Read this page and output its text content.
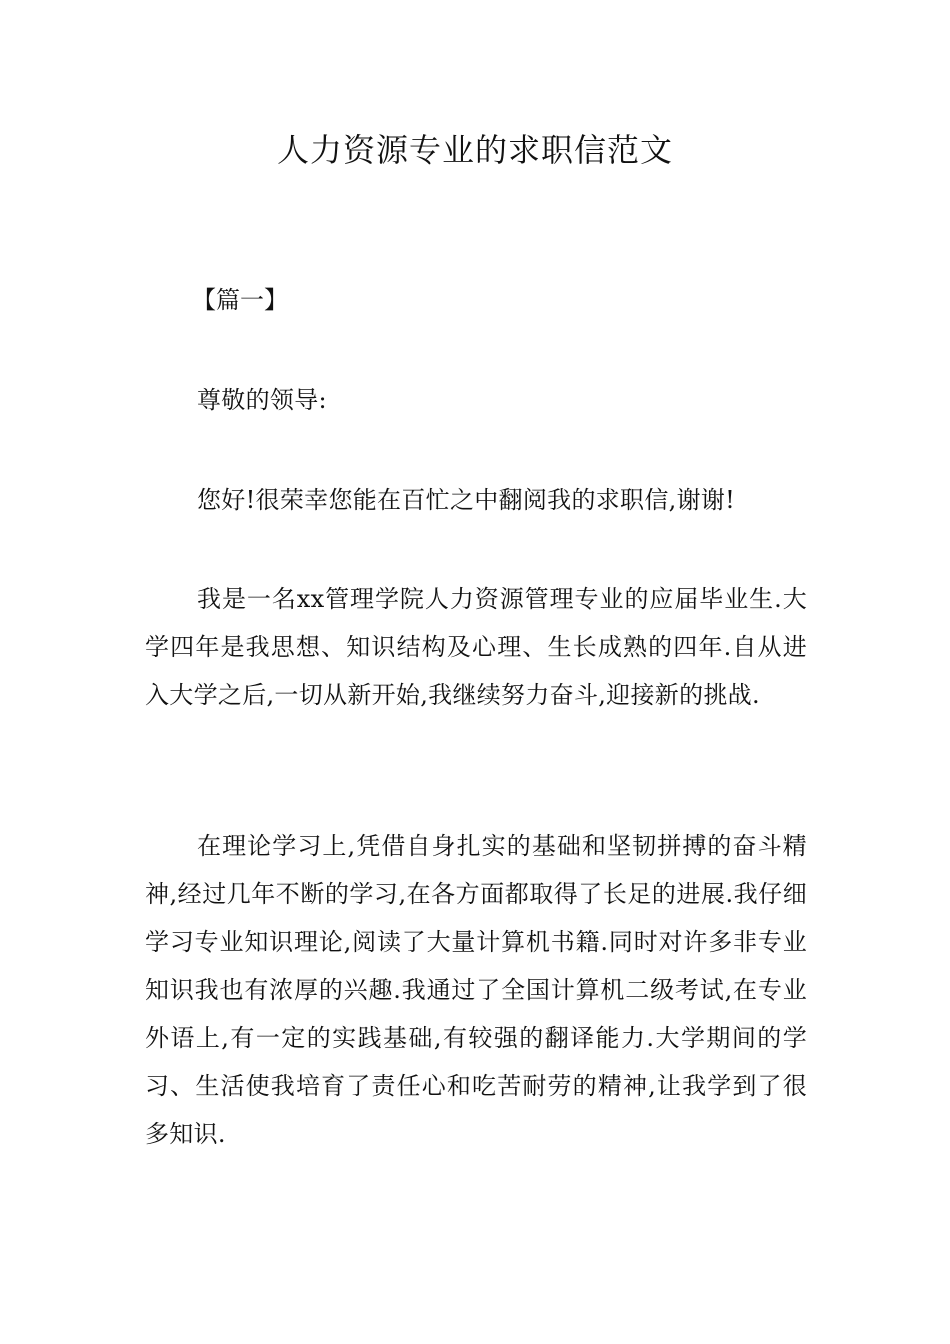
人力资源专业的求职信范文

【篇一】

尊敬的领导:

您好!很荣幸您能在百忙之中翻阅我的求职信,谢谢!

我是一名xx管理学院人力资源管理专业的应届毕业生.大学四年是我思想、知识结构及心理、生长成熟的四年.自从进入大学之后,一切从新开始,我继续努力奋斗,迎接新的挑战.

在理论学习上,凭借自身扎实的基础和坚韧拼搏的奋斗精神,经过几年不断的学习,在各方面都取得了长足的进展.我仔细学习专业知识理论,阅读了大量计算机书籍.同时对许多非专业知识我也有浓厚的兴趣.我通过了全国计算机二级考试,在专业外语上,有一定的实践基础,有较强的翻译能力.大学期间的学习、生活使我培育了责任心和吃苦耐劳的精神,让我学到了很多知识.
